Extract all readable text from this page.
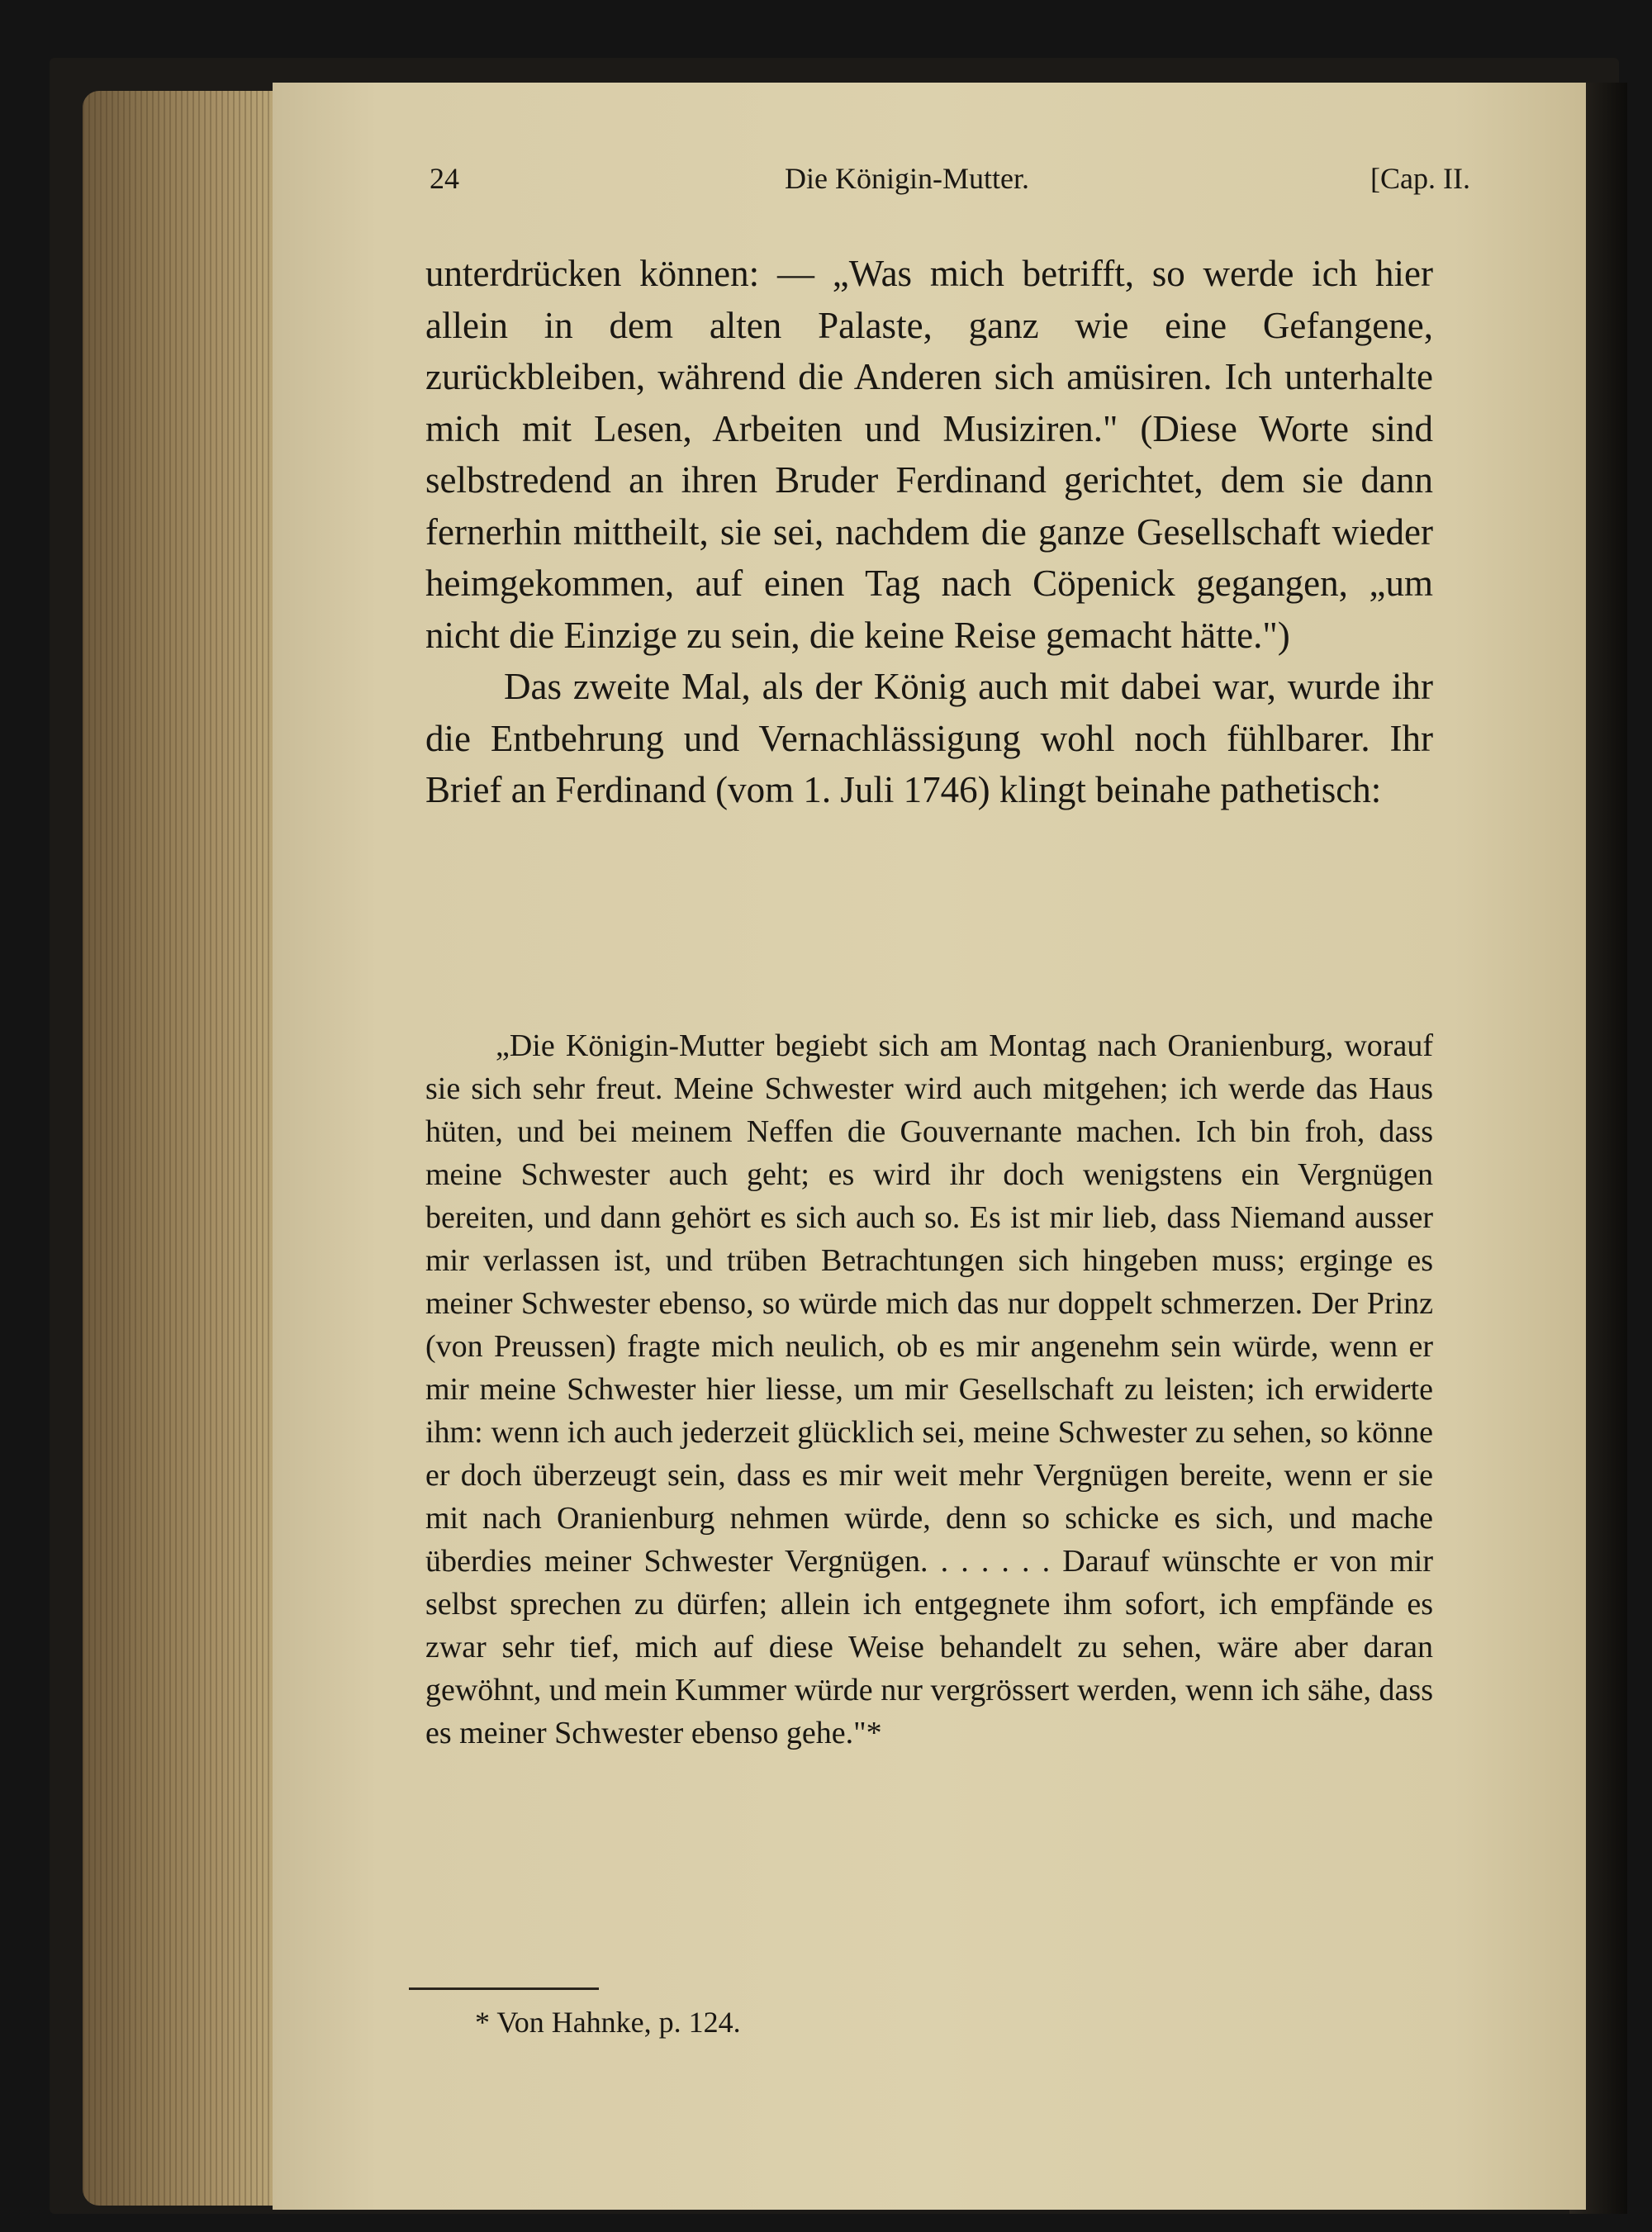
24	Die Königin-Mutter.	[Cap. II.

unterdrücken können: — „Was mich betrifft, so werde ich hier allein in dem alten Palaste, ganz wie eine Gefangene, zurückbleiben, während die Anderen sich amüsiren. Ich unterhalte mich mit Lesen, Arbeiten und Musiziren." (Diese Worte sind selbstredend an ihren Bruder Ferdinand gerichtet, dem sie dann fernerhin mittheilt, sie sei, nachdem die ganze Gesellschaft wieder heimgekommen, auf einen Tag nach Cöpenick gegangen, „um nicht die Einzige zu sein, die keine Reise gemacht hätte.")

Das zweite Mal, als der König auch mit dabei war, wurde ihr die Entbehrung und Vernachlässigung wohl noch fühlbarer. Ihr Brief an Ferdinand (vom 1. Juli 1746) klingt beinahe pathetisch:

„Die Königin-Mutter begiebt sich am Montag nach Oranienburg, worauf sie sich sehr freut. Meine Schwester wird auch mitgehen; ich werde das Haus hüten, und bei meinem Neffen die Gouvernante machen. Ich bin froh, dass meine Schwester auch geht; es wird ihr doch wenigstens ein Vergnügen bereiten, und dann gehört es sich auch so. Es ist mir lieb, dass Niemand ausser mir verlassen ist, und trüben Betrachtungen sich hingeben muss; erginge es meiner Schwester ebenso, so würde mich das nur doppelt schmerzen. Der Prinz (von Preussen) fragte mich neulich, ob es mir angenehm sein würde, wenn er mir meine Schwester hier liesse, um mir Gesellschaft zu leisten; ich erwiderte ihm: wenn ich auch jederzeit glücklich sei, meine Schwester zu sehen, so könne er doch überzeugt sein, dass es mir weit mehr Vergnügen bereite, wenn er sie mit nach Oranienburg nehmen würde, denn so schicke es sich, und mache überdies meiner Schwester Vergnügen. . . . . . . Darauf wünschte er von mir selbst sprechen zu dürfen; allein ich entgegnete ihm sofort, ich empfände es zwar sehr tief, mich auf diese Weise behandelt zu sehen, wäre aber daran gewöhnt, und mein Kummer würde nur vergrössert werden, wenn ich sähe, dass es meiner Schwester ebenso gehe."*

* Von Hahnke, p. 124.
